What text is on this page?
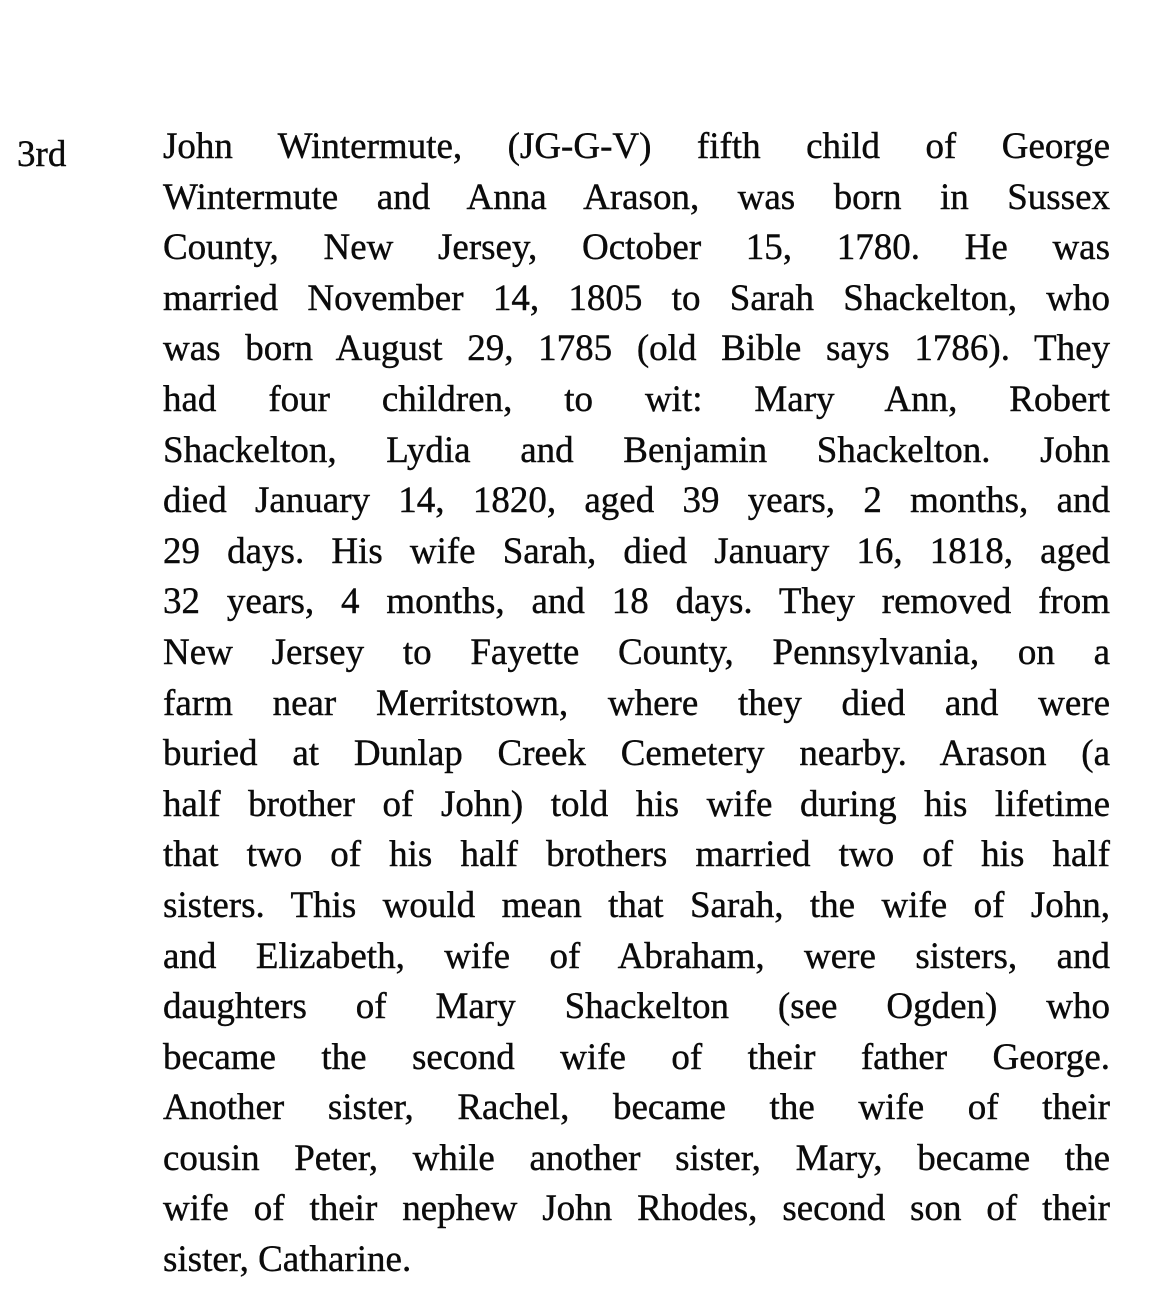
3rd	John Wintermute, (JG-G-V) fifth child of George
Wintermute and Anna Arason, was born in Sussex
County, New Jersey, October 15, 1780. He was
married November 14, 1805 to Sarah Shackelton, who
was born August 29, 1785 (old Bible says 1786). They
had four children, to wit: Mary Ann, Robert
Shackelton, Lydia and Benjamin Shackelton. John
died January 14, 1820, aged 39 years, 2 months, and
29 days. His wife Sarah, died January 16, 1818, aged
32 years, 4 months, and 18 days. They removed from
New Jersey to Fayette County, Pennsylvania, on a
farm near Merritstown, where they died and were
buried at Dunlap Creek Cemetery nearby. Arason (a
half brother of John) told his wife during his lifetime
that two of his half brothers married two of his half
sisters. This would mean that Sarah, the wife of John,
and Elizabeth, wife of Abraham, were sisters, and
daughters of Mary Shackelton (see Ogden) who
became the second wife of their father George.
Another sister, Rachel, became the wife of their
cousin Peter, while another sister, Mary, became the
wife of their nephew John Rhodes, second son of their
sister, Catharine.
